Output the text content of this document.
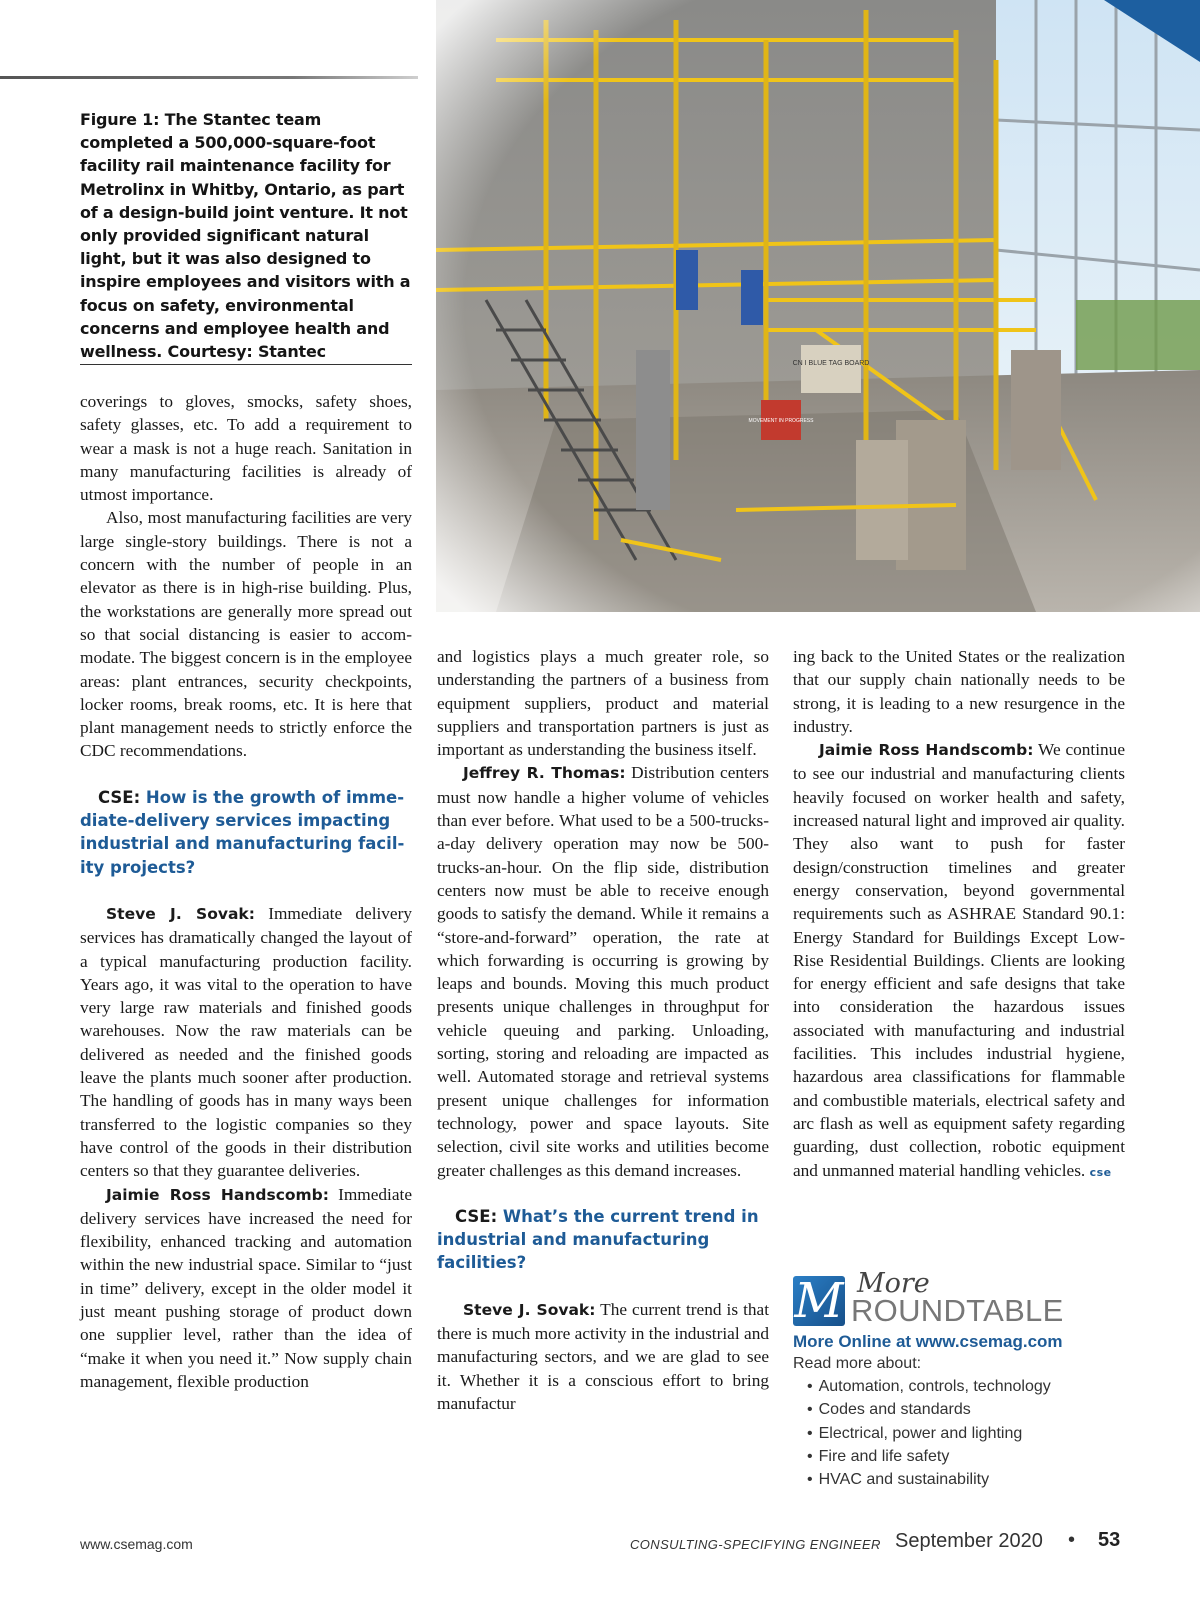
Figure 1: The Stantec team completed a 500,000-square-foot facility rail maintenance facility for Metrolinx in Whitby, Ontario, as part of a design-build joint venture. It not only provided significant natural light, but it was also designed to inspire employees and visitors with a focus on safety, environmental concerns and employee health and wellness. Courtesy: Stantec

coverings to gloves, smocks, safety shoes, safety glasses, etc. To add a requirement to wear a mask is not a huge reach. Sanitation in many manufacturing facilities is already of utmost importance.

Also, most manufacturing facilities are very large single-story buildings. There is not a concern with the number of people in an elevator as there is in high-rise building. Plus, the workstations are generally more spread out so that social distancing is easier to accommodate. The biggest concern is in the employee areas: plant entrances, security checkpoints, locker rooms, break rooms, etc. It is here that plant management needs to strictly enforce the CDC recommendations.

CSE: How is the growth of imme-diate-delivery services impacting industrial and manufacturing facil-ity projects?

Steve J. Sovak: Immediate delivery services has dramatically changed the layout of a typical manufacturing production facility. Years ago, it was vital to the operation to have very large raw materials and finished goods warehouses. Now the raw materials can be delivered as needed and the finished goods leave the plants much sooner after production. The handling of goods has in many ways been transferred to the logistic companies so they have control of the goods in their distribution centers so that they guarantee deliveries.

Jaimie Ross Handscomb: Immediate delivery services have increased the need for flexibility, enhanced tracking and automation within the new industrial space. Similar to “just in time” delivery, except in the older model it just meant pushing storage of product down one supplier level, rather than the idea of “make it when you need it.” Now supply chain management, flexible production

and logistics plays a much greater role, so understanding the partners of a business from equipment suppliers, product and material suppliers and transportation partners is just as important as understanding the business itself.

Jeffrey R. Thomas: Distribution centers must now handle a higher volume of vehicles than ever before. What used to be a 500-trucks-a-day delivery operation may now be 500-trucks-an-hour. On the flip side, distribution centers now must be able to receive enough goods to satisfy the demand. While it remains a “store-and-forward” operation, the rate at which forwarding is occurring is growing by leaps and bounds. Moving this much product presents unique challenges in throughput for vehicle queuing and parking. Unloading, sorting, storing and reloading are impacted as well. Automated storage and retrieval systems present unique challenges for information technology, power and space layouts. Site selection, civil site works and utilities become greater challenges as this demand increases.

CSE: What’s the current trend in industrial and manufacturing facilities?

Steve J. Sovak: The current trend is that there is much more activity in the industrial and manufacturing sectors, and we are glad to see it. Whether it is a conscious effort to bring manufactur

ing back to the United States or the realization that our supply chain nationally needs to be strong, it is leading to a new resurgence in the industry.

Jaimie Ross Handscomb: We continue to see our industrial and manufacturing clients heavily focused on worker health and safety, increased natural light and improved air quality. They also want to push for faster design/construction timelines and greater energy conservation, beyond governmental requirements such as ASHRAE Standard 90.1: Energy Standard for Buildings Except Low-Rise Residential Buildings. Clients are looking for energy efficient and safe designs that take into consideration the hazardous issues associated with manufacturing and industrial facilities. This includes industrial hygiene, hazardous area classifications for flammable and combustible materials, electrical safety and arc flash as well as equipment safety regarding guarding, dust collection, robotic equipment and unmanned material handling vehicles. cse

M More
ROUNDTABLE
More Online at www.csemag.com
Read more about:
• Automation, controls, technology
• Codes and standards
• Electrical, power and lighting
• Fire and life safety
• HVAC and sustainability
www.csemag.com	CONSULTING-SPECIFYING ENGINEER September 2020 • 53
